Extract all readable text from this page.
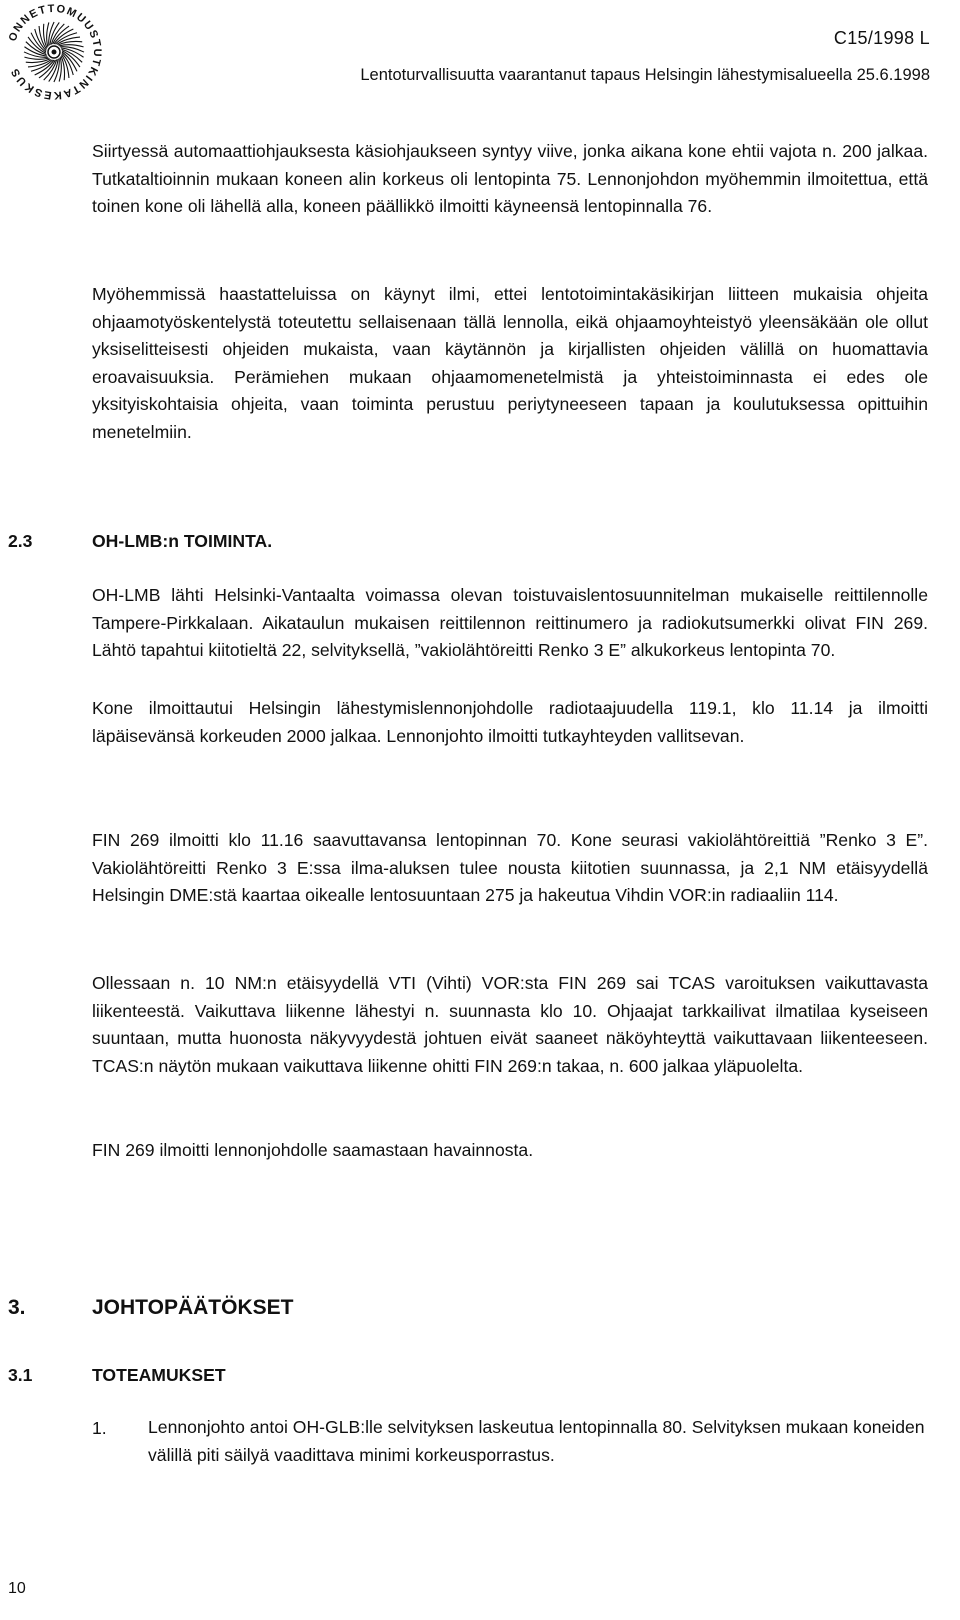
ONNETTOMUUSTUTKINTAKESKUS
C15/1998 L
Lentoturvallisuutta vaarantanut tapaus Helsingin lähestymisalueella 25.6.1998

Siirtyessä automaattiohjauksesta käsiohjaukseen syntyy viive, jonka aikana kone ehtii vajota n. 200 jalkaa. Tutkataltioinnin mukaan koneen alin korkeus oli lentopinta 75. Lennonjohdon myöhemmin ilmoitettua, että toinen kone oli lähellä alla, koneen päällikkö ilmoitti käyneensä lentopinnalla 76.

Myöhemmissä haastatteluissa on käynyt ilmi, ettei lentotoimintakäsikirjan liitteen mukaisia ohjeita ohjaamotyöskentelystä toteutettu sellaisenaan tällä lennolla, eikä ohjaamoyhteistyö yleensäkään ole ollut yksiselitteisesti ohjeiden mukaista, vaan käytännön ja kirjallisten ohjeiden välillä on huomattavia eroavaisuuksia. Perämiehen mukaan ohjaamomenetelmistä ja yhteistoiminnasta ei edes ole yksityiskohtaisia ohjeita, vaan toiminta perustuu periytyneeseen tapaan ja koulutuksessa opittuihin menetelmiin.

2.3	OH-LMB:n TOIMINTA.

OH-LMB lähti Helsinki-Vantaalta voimassa olevan toistuvaislentosuunnitelman mukaiselle reittilennolle Tampere-Pirkkalaan. Aikataulun mukaisen reittilennon reittinumero ja radiokutsumerkki olivat FIN 269. Lähtö tapahtui kiitotieltä 22, selvityksellä, ”vakiolähtöreitti Renko 3 E” alkukorkeus lentopinta 70.

Kone ilmoittautui Helsingin lähestymislennonjohdolle radiotaajuudella 119.1, klo 11.14 ja ilmoitti läpäisevänsä korkeuden 2000 jalkaa. Lennonjohto ilmoitti tutkayhteyden vallitsevan.

FIN 269 ilmoitti klo 11.16 saavuttavansa lentopinnan 70. Kone seurasi vakiolähtöreittiä ”Renko 3 E”. Vakiolähtöreitti Renko 3 E:ssa ilma-aluksen tulee nousta kiitotien suunnassa, ja 2,1 NM etäisyydellä Helsingin DME:stä kaartaa oikealle lentosuuntaan 275 ja hakeutua Vihdin VOR:in radiaaliin 114.

Ollessaan n. 10 NM:n etäisyydellä VTI (Vihti) VOR:sta FIN 269 sai TCAS varoituksen vaikuttavasta liikenteestä. Vaikuttava liikenne lähestyi n. suunnasta klo 10. Ohjaajat tarkkailivat ilmatilaa kyseiseen suuntaan, mutta huonosta näkyvyydestä johtuen eivät saaneet näköyhteyttä vaikuttavaan liikenteeseen. TCAS:n näytön mukaan vaikuttava liikenne ohitti FIN 269:n takaa, n. 600 jalkaa yläpuolelta.

FIN 269 ilmoitti lennonjohdolle saamastaan havainnosta.

3.	JOHTOPÄÄTÖKSET
3.1	TOTEAMUKSET
1. Lennonjohto antoi OH-GLB:lle selvityksen laskeutua lentopinnalla 80. Selvityksen mukaan koneiden välillä piti säilyä vaadittava minimi korkeusporrastus.

10
